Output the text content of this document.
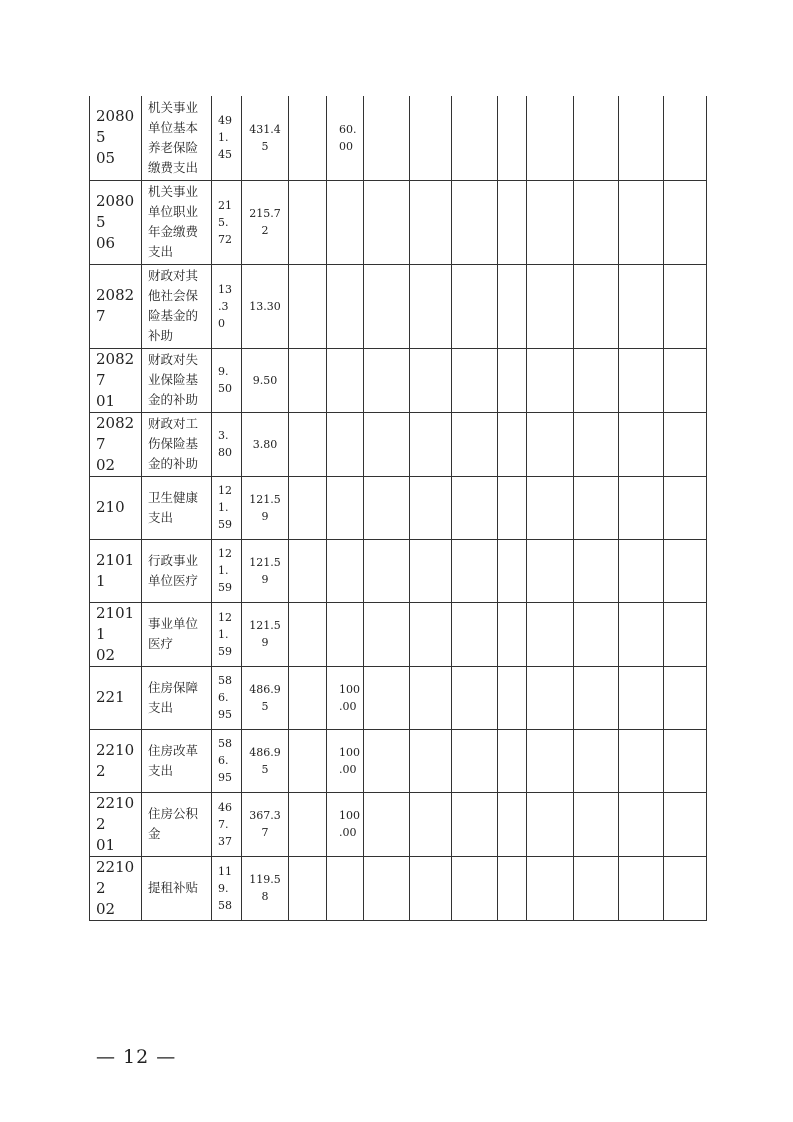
20805
05	机关事业
单位基本
养老保险
缴费支出	49
1.
45	431.4
5		60.
00								
20805
06	机关事业
单位职业
年金缴费
支出	21
5.
72	215.7
2										
20827	财政对其
他社会保
险基金的
补助	13
.3
0	13.30										
20827
01	财政对失
业保险基
金的补助	9.
50	9.50										
20827
02	财政对工
伤保险基
金的补助	3.
80	3.80										
210	卫生健康
支出	12
1.
59	121.5
9										
21011	行政事业
单位医疗	12
1.
59	121.5
9										
21011
02	事业单位
医疗	12
1.
59	121.5
9										
221	住房保障
支出	58
6.
95	486.9
5		100
.00								
22102	住房改革
支出	58
6.
95	486.9
5		100
.00								
22102
01	住房公积
金	46
7.
37	367.3
7		100
.00								
22102
02	提租补贴	11
9.
58	119.5
8										
— 12 —
